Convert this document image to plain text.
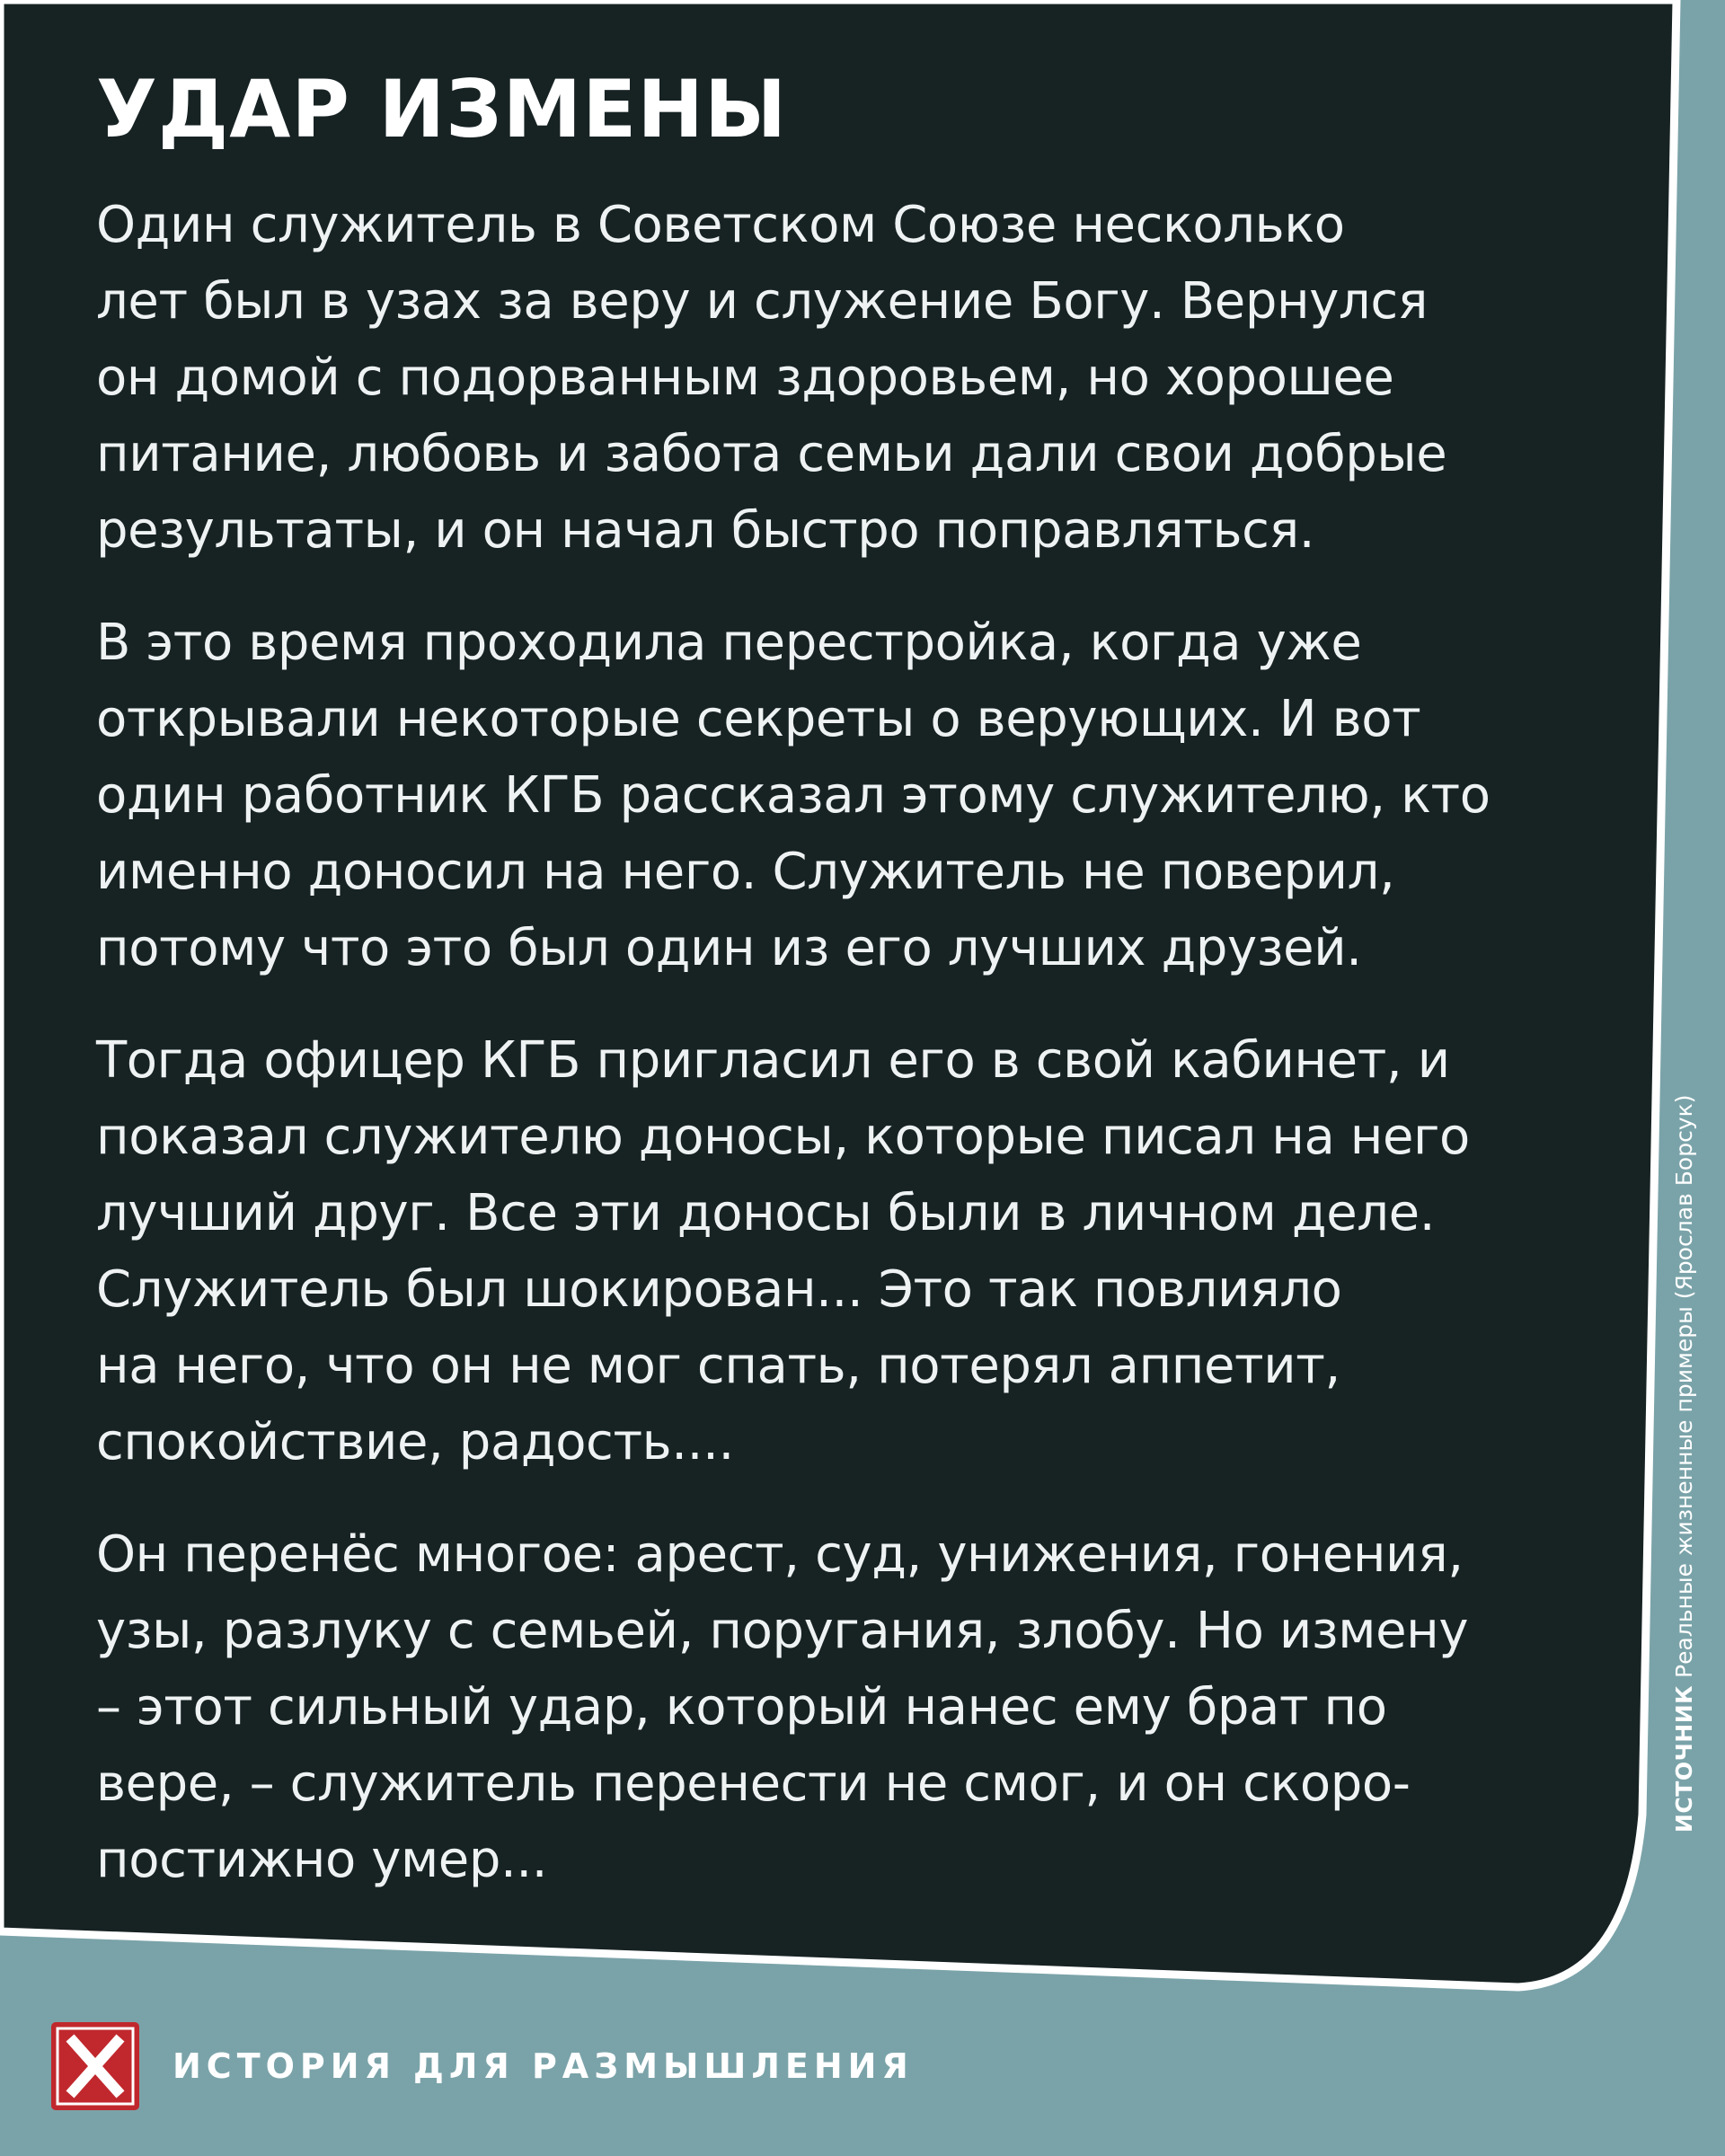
УДАР ИЗМЕНЫ
Один служитель в Советском Союзе несколько
лет был в узах за веру и служение Богу. Вернулся
он домой с подорванным здоровьем, но хорошее
питание, любовь и забота семьи дали свои добрые
результаты, и он начал быстро поправляться.
В это время проходила перестройка, когда уже
открывали некоторые секреты о верующих. И вот
один работник КГБ рассказал этому служителю, кто
именно доносил на него. Служитель не поверил,
потому что это был один из его лучших друзей.
Тогда офицер КГБ пригласил его в свой кабинет, и
показал служителю доносы, которые писал на него
лучший друг. Все эти доносы были в личном деле.
Служитель был шокирован... Это так повлияло
на него, что он не мог спать, потерял аппетит,
спокойствие, радость....
Он перенёс многое: арест, суд, унижения, гонения,
узы, разлуку с семьей, поругания, злобу. Но измену
– этот сильный удар, который нанес ему брат по
вере, – служитель перенести не смог, и он скоро-
постижно умер...
ИСТОЧНИКРеальные жизненные примеры (Ярослав Борсук)
ИСТОРИЯ ДЛЯ РАЗМЫШЛЕНИЯ
